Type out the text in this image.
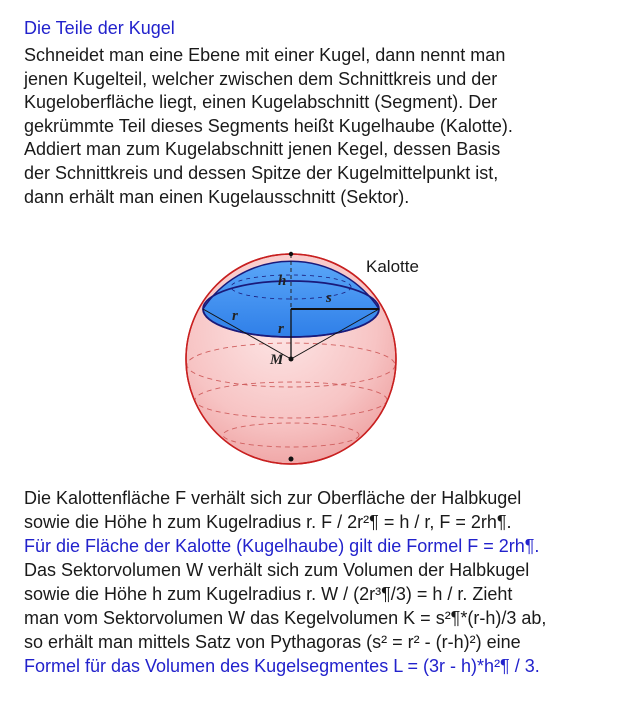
Die Teile der Kugel
Schneidet man eine Ebene mit einer Kugel, dann nennt man
jenen Kugelteil, welcher zwischen dem Schnittkreis und der
Kugeloberfläche liegt, einen Kugelabschnitt (Segment). Der
gekrümmte Teil dieses Segments heißt Kugelhaube (Kalotte).
Addiert man zum Kugelabschnitt jenen Kegel, dessen Basis
der Schnittkreis und dessen Spitze der Kugelmittelpunkt ist,
dann erhält man einen Kugelausschnitt (Sektor).
h
s
r
r
M
Kalotte
Die Kalottenfläche F verhält sich zur Oberfläche der Halbkugel
sowie die Höhe h zum Kugelradius r. F / 2r²¶ = h / r, F = 2rh¶.
Für die Fläche der Kalotte (Kugelhaube) gilt die Formel F = 2rh¶.
Das Sektorvolumen W verhält sich zum Volumen der Halbkugel
sowie die Höhe h zum Kugelradius r. W / (2r³¶/3) = h / r. Zieht
man vom Sektorvolumen W das Kegelvolumen K = s²¶*(r-h)/3 ab,
so erhält man mittels Satz von Pythagoras (s² = r² - (r-h)²) eine
Formel für das Volumen des Kugelsegmentes L = (3r - h)*h²¶ / 3.
